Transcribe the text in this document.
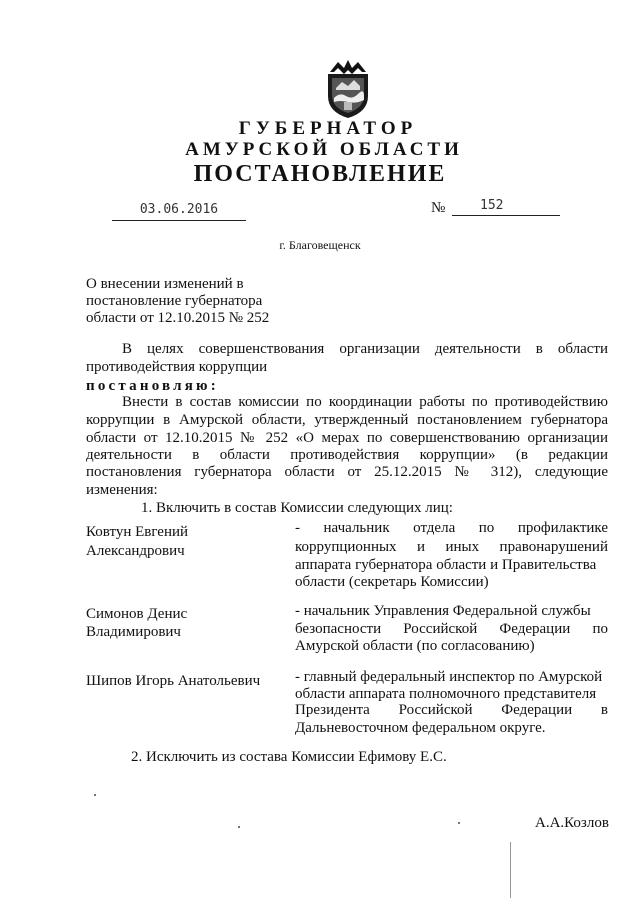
ГУБЕРНАТОР
АМУРСКОЙ ОБЛАСТИ
ПОСТАНОВЛЕНИЕ
03.06.2016	№	152
г. Благовещенск
О внесении изменений в
постановление губернатора
области от 12.10.2015 № 252
В целях совершенствования организации деятельности в области
противодействия коррупции
постановляю:
Внести в состав комиссии по координации работы по противодействию
коррупции в Амурской области, утвержденный постановлением губернатора
области от 12.10.2015 № 252 «О мерах по совершенствованию организации
деятельности в области противодействия коррупции» (в редакции
постановления губернатора области от 25.12.2015 № 312), следующие
изменения:
1. Включить в состав Комиссии следующих лиц:
Ковтун Евгений
Александрович
- начальник отдела по профилактике
коррупционных и иных правонарушений
аппарата губернатора области и Правительства
области (секретарь Комиссии)
Симонов Денис
Владимирович
- начальник Управления Федеральной службы
безопасности Российской Федерации по
Амурской области (по согласованию)
Шипов Игорь Анатольевич - главный федеральный инспектор по Амурской
области аппарата полномочного представителя
Президента Российской Федерации в
Дальневосточном федеральном округе.
2. Исключить из состава Комиссии Ефимову Е.С.
А.А.Козлов
